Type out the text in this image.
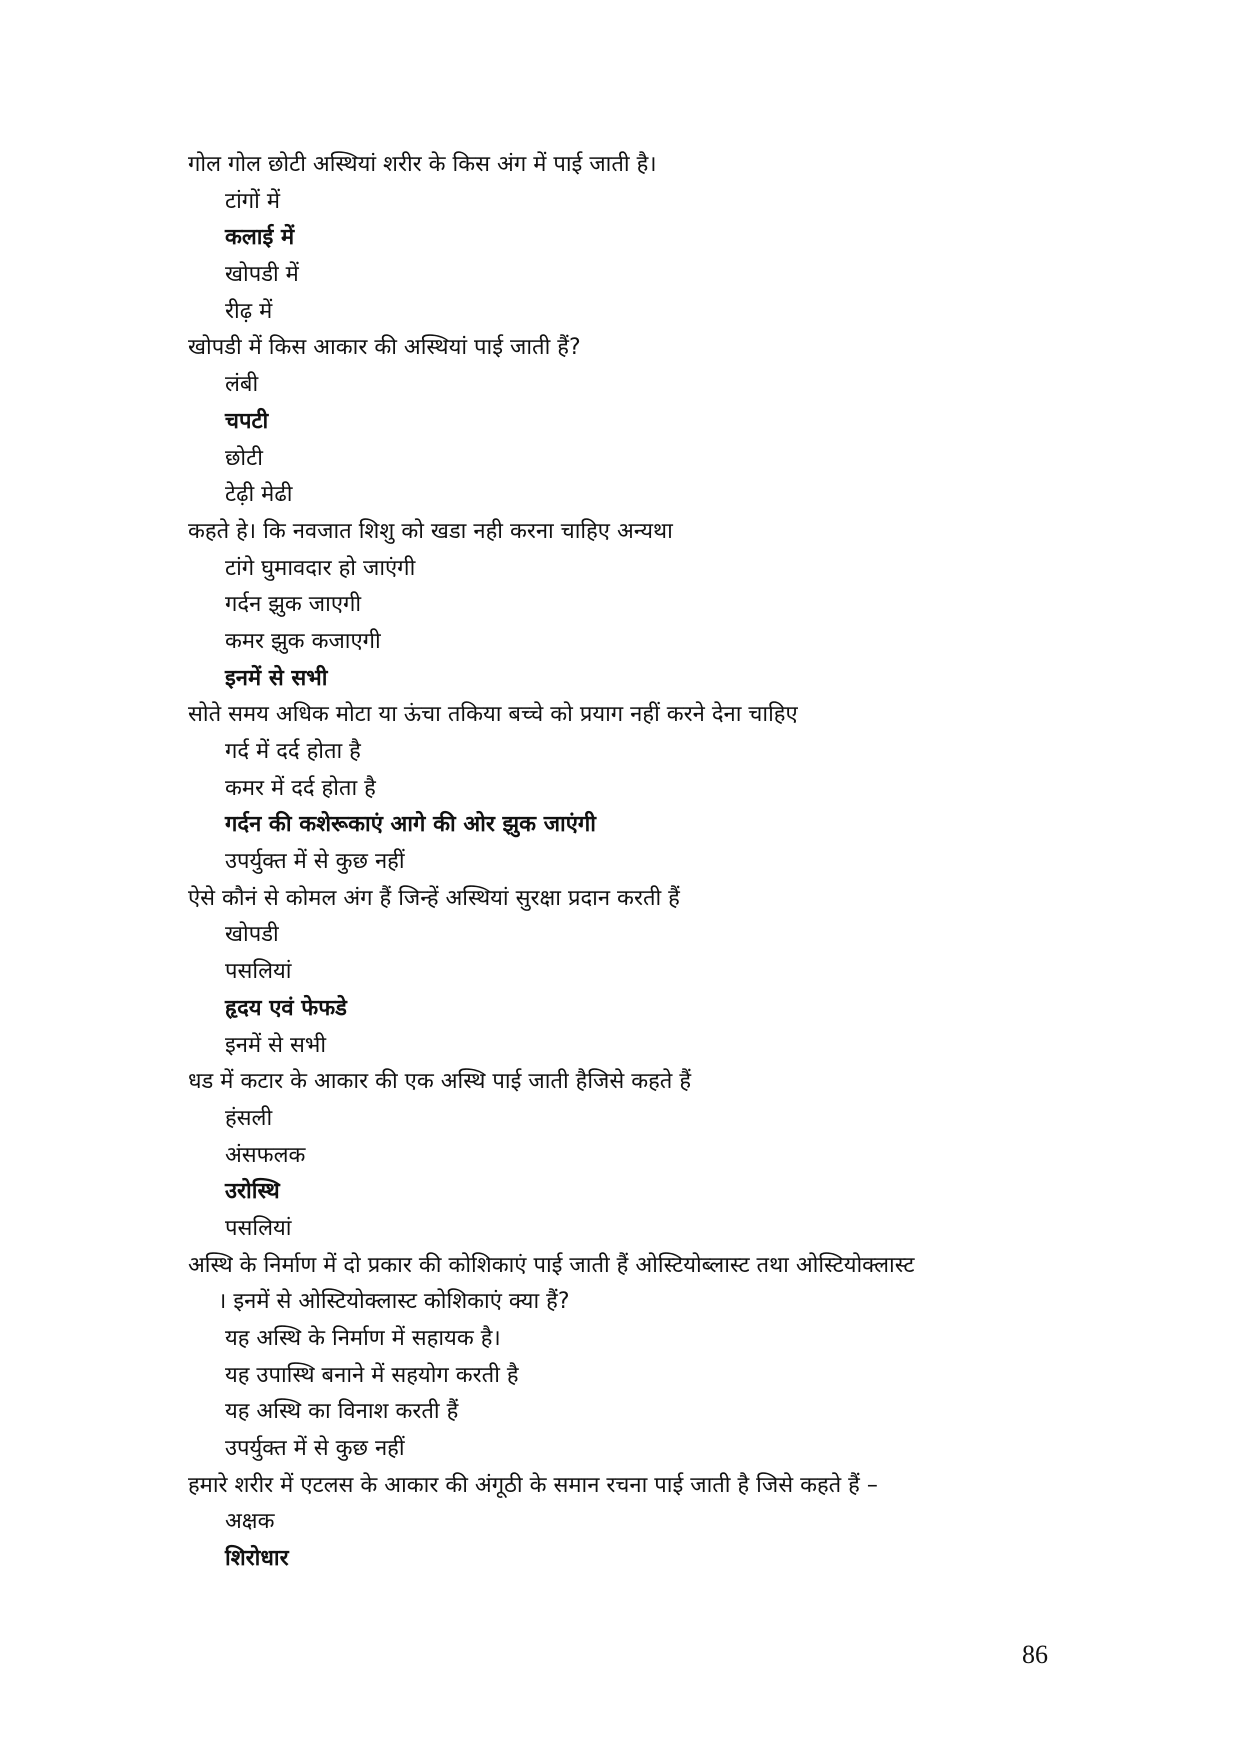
गोल गोल छोटी अस्थियां शरीर के किस अंग में पाई जाती है।
टांगों में
कलाई में
खोपडी में
रीढ़ में
खोपडी में किस आकार की अस्थियां पाई जाती हैं?
लंबी
चपटी
छोटी
टेढ़ी मेढी
कहते हे। कि नवजात शिशु को खडा नही करना चाहिए अन्यथा
टांगे घुमावदार हो जाएंगी
गर्दन झुक जाएगी
कमर झुक कजाएगी
इनमें से सभी
सोते समय अधिक मोटा या ऊंचा तकिया बच्चे को प्रयाग नहीं करने देना चाहिए
गर्द में दर्द होता है
कमर में दर्द होता है
गर्दन की कशेरूकाएं आगे की ओर झुक जाएंगी
उपर्युक्त में से कुछ नहीं
ऐसे कौनं से कोमल अंग हैं जिन्हें अस्थियां सुरक्षा प्रदान करती हैं
खोपडी
पसलियां
हृदय एवं फेफडे
इनमें से सभी
धड में कटार के आकार की एक अस्थि पाई जाती हैजिसे कहते हैं
हंसली
अंसफलक
उरोस्थि
पसलियां
अस्थि के निर्माण में दो प्रकार की कोशिकाएं पाई जाती हैं ओस्टियोब्लास्ट तथा ओस्टियोक्लास्ट
। इनमें से ओस्टियोक्लास्ट कोशिकाएं क्या हैं?
यह अस्थि के निर्माण में सहायक है।
यह उपास्थि बनाने में सहयोग करती है
यह अस्थि का विनाश करती हैं
उपर्युक्त में से कुछ नहीं
हमारे शरीर में एटलस के आकार की अंगूठी के समान रचना पाई जाती है जिसे कहते हैं –
अक्षक
शिरोधार
86
